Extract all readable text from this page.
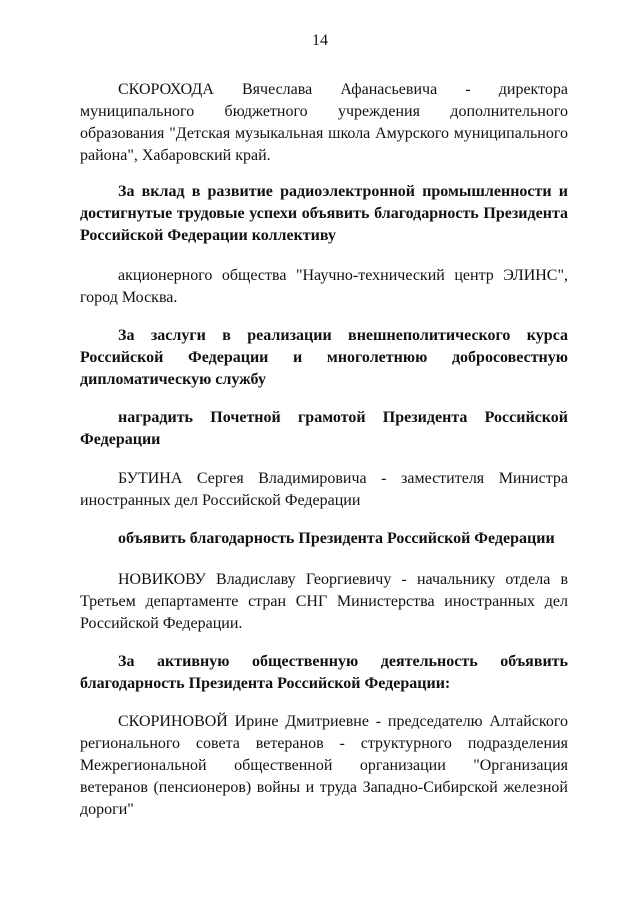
14

СКОРОХОДА Вячеслава Афанасьевича - директора муниципального бюджетного учреждения дополнительного образования "Детская музыкальная школа Амурского муниципального района", Хабаровский край.

За вклад в развитие радиоэлектронной промышленности и достигнутые трудовые успехи объявить благодарность Президента Российской Федерации коллективу

акционерного общества "Научно-технический центр ЭЛИНС", город Москва.

За заслуги в реализации внешнеполитического курса Российской Федерации и многолетнюю добросовестную дипломатическую службу

наградить Почетной грамотой Президента Российской Федерации

БУТИНА Сергея Владимировича - заместителя Министра иностранных дел Российской Федерации

объявить благодарность Президента Российской Федерации

НОВИКОВУ Владиславу Георгиевичу - начальнику отдела в Третьем департаменте стран СНГ Министерства иностранных дел Российской Федерации.

За активную общественную деятельность объявить благодарность Президента Российской Федерации:

СКОРИНОВОЙ Ирине Дмитриевне - председателю Алтайского регионального совета ветеранов - структурного подразделения Межрегиональной общественной организации "Организация ветеранов (пенсионеров) войны и труда Западно-Сибирской железной дороги"
